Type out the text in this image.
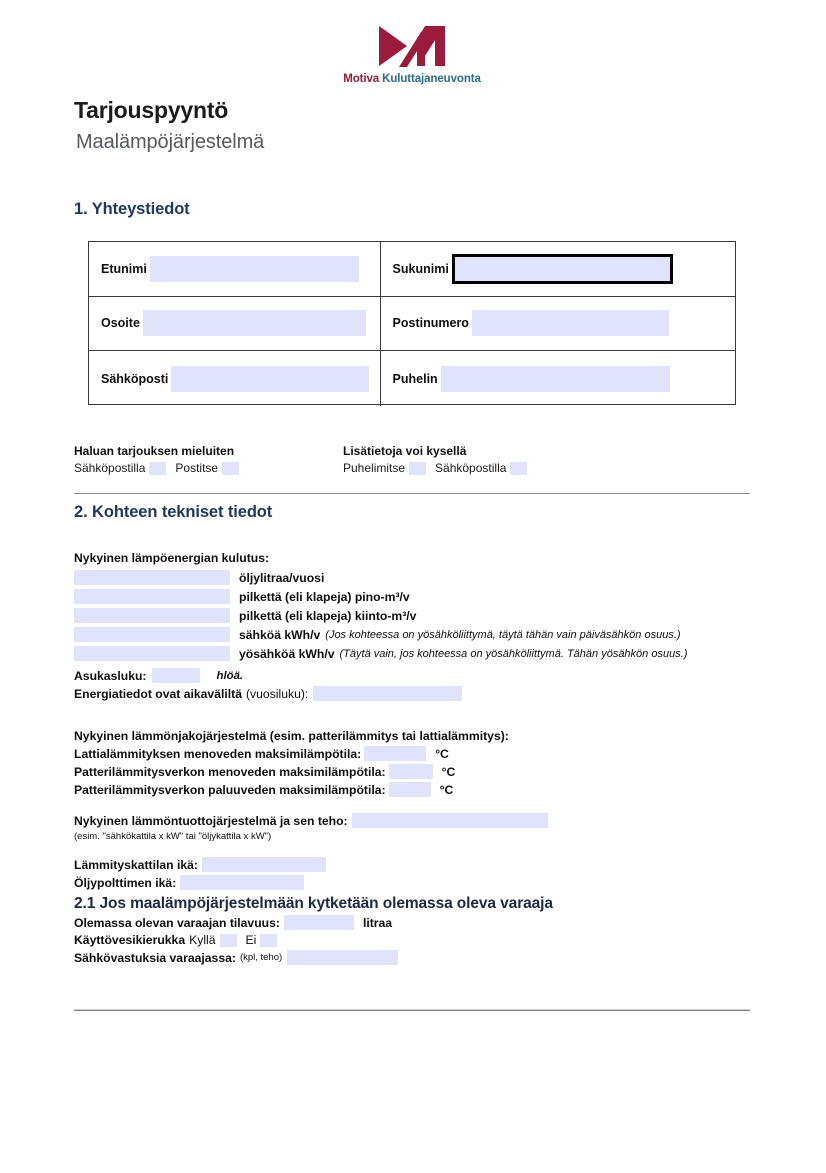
Motiva Kuluttajaneuvonta
Tarjouspyyntö
Maalämpöjärjestelmä
1. Yhteystiedot
Etunimi	Sukunimi
Osoite	Postinumero
Sähköposti	Puhelin
Haluan tarjouksen mieluiten
Sähköpostilla	Postitse
Lisätietoja voi kysellä
Puhelimitse	Sähköpostilla
2. Kohteen tekniset tiedot
Nykyinen lämpöenergian kulutus:
öljylitraa/vuosi
pilkettä (eli klapeja) pino-m³/v
pilkettä (eli klapeja) kiinto-m³/v
sähköä kWh/v (Jos kohteessa on yösähköliittymä, täytä tähän vain päiväsähkön osuus.)
yösähköä kWh/v (Täytä vain, jos kohteessa on yösähköliittymä. Tähän yösähkön osuus.)
Asukasluku:	hlöä.
Energiatiedot ovat aikaväliltä (vuosiluku):
Nykyinen lämmönjakojärjestelmä (esim. patterilämmitys tai lattialämmitys):
Lattialämmityksen menoveden maksimilämpötila:	°C
Patterilämmitysverkon menoveden maksimilämpötila:	°C
Patterilämmitysverkon paluuveden maksimilämpötila:	°C
Nykyinen lämmöntuottojärjestelmä ja sen teho:
(esim. "sähkökattila x kW" tai "öljykattila x kW")
Lämmityskattilan ikä:
Öljypolttimen ikä:
2.1 Jos maalämpöjärjestelmään kytketään olemassa oleva varaaja
Olemassa olevan varaajan tilavuus:	litraa
Käyttövesikierukka Kyllä Ei
Sähkövastuksia varaajassa: (kpl, teho)
